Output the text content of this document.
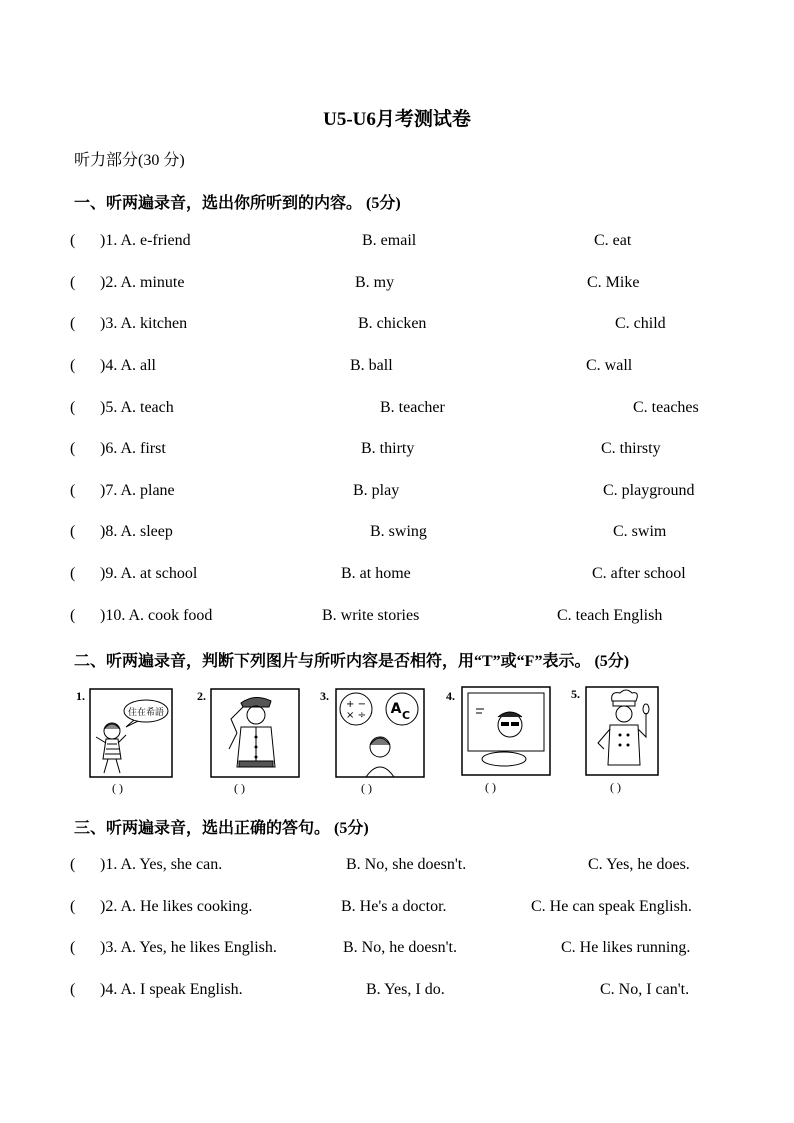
U5-U6月考测试卷
听力部分(30 分)
一、听两遍录音，选出你所听到的内容。 (5分)
( )1. A. e-friend	B. email	C. eat
( )2. A. minute	B. my	C. Mike
( )3. A. kitchen	B. chicken	C. child
( )4. A. all	B. ball	C. wall
( )5. A. teach	B. teacher	C. teaches
( )6. A. first	B. thirty	C. thirsty
( )7. A. plane	B. play	C. playground
( )8. A. sleep	B. swing	C. swim
( )9. A. at school	B. at home	C. after school
( )10. A. cook food	B. write stories	C. teach English
二、听两遍录音，判断下列图片与所听内容是否相符，用“T”或“F”表示。 (5分)
1.
住在希語
( )
2.
( )
3.
+ −
× ÷ A C
( )
4.
( )
5.
( )
三、听两遍录音，选出正确的答句。 (5分)
( )1. A. Yes, she can.	B. No, she doesn't.	C. Yes, he does.
( )2. A. He likes cooking.	B. He's a doctor.	C. He can speak English.
( )3. A. Yes, he likes English.	B. No, he doesn't.	C. He likes running.
( )4. A. I speak English.	B. Yes, I do.	C. No, I can't.
